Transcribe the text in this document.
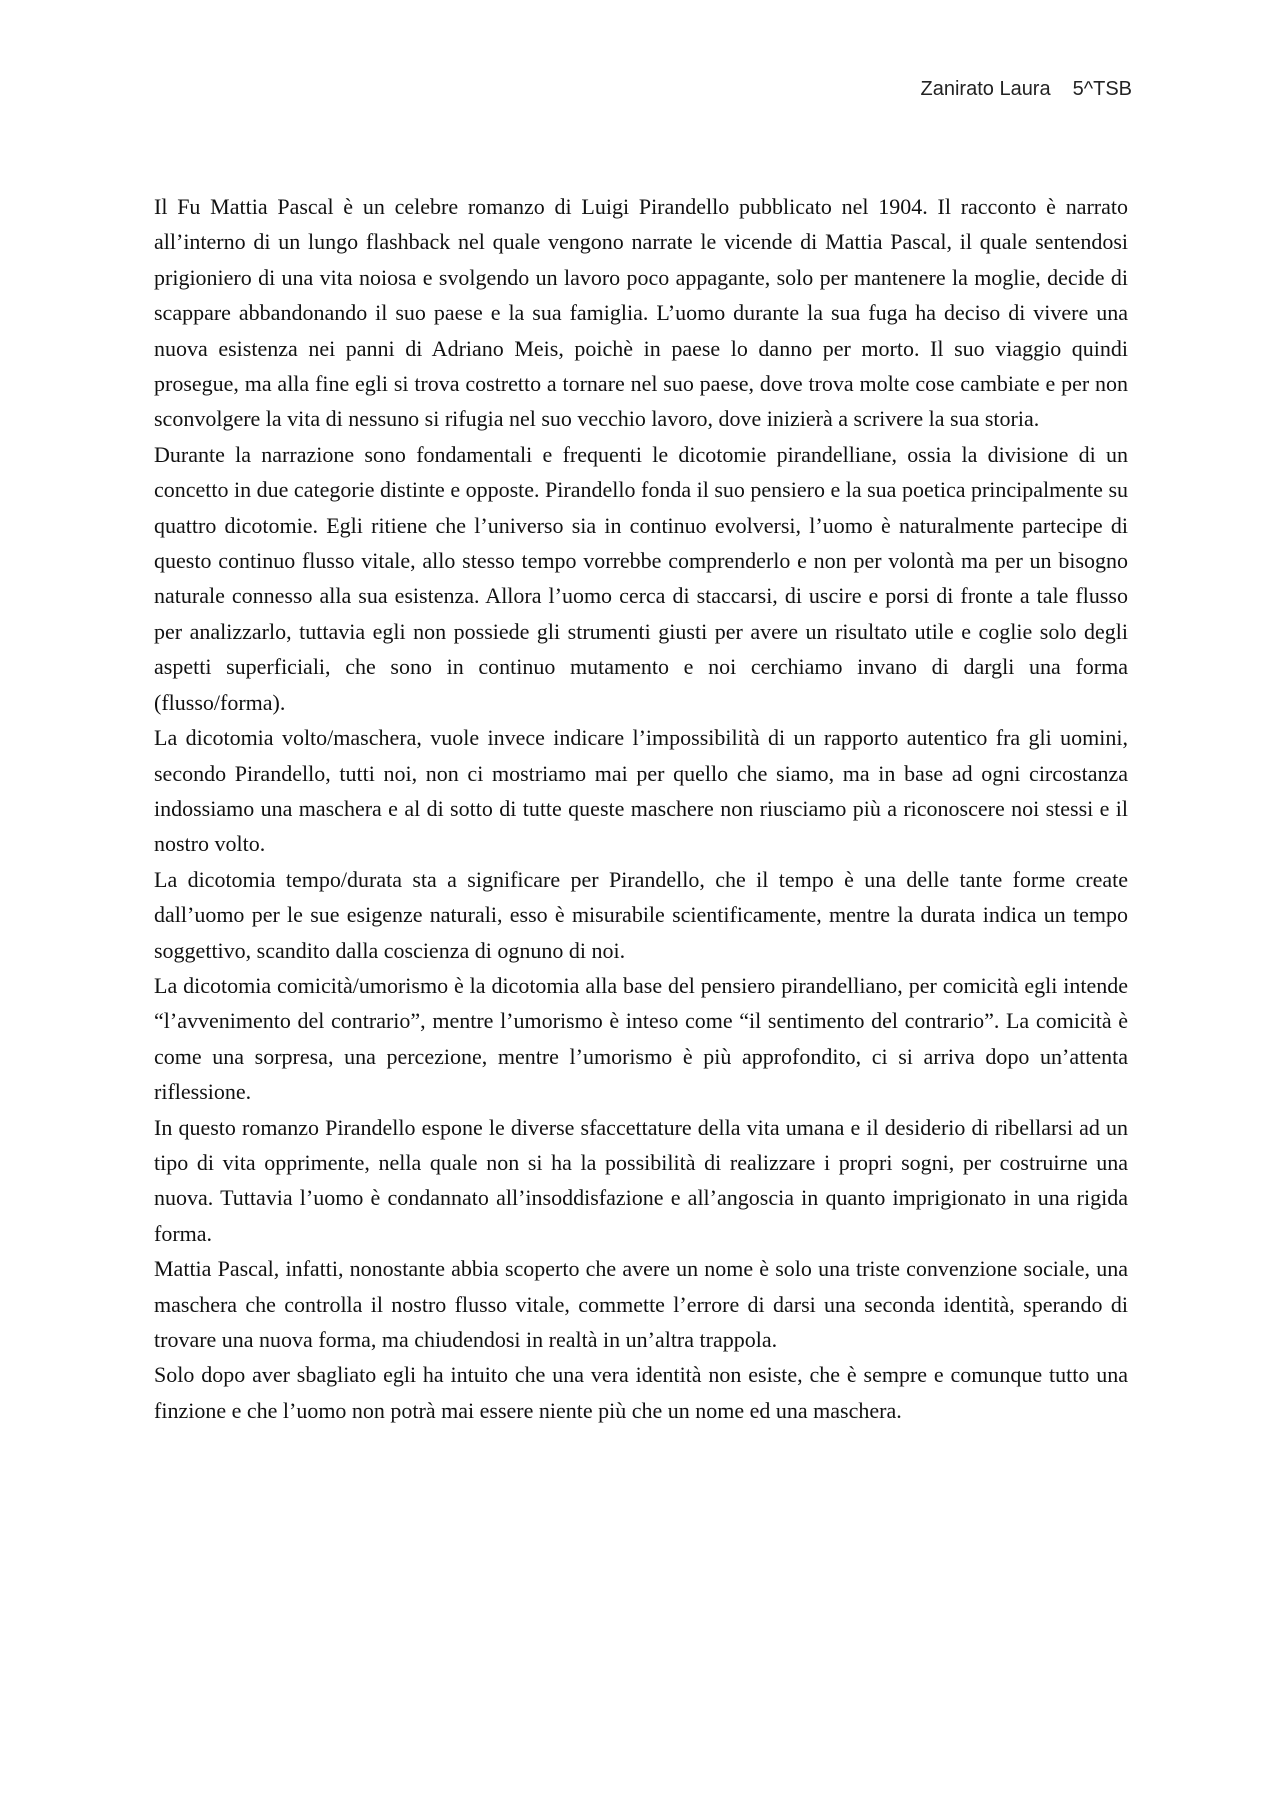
Zanirato Laura 5^TSB

Il Fu Mattia Pascal è un celebre romanzo di Luigi Pirandello pubblicato nel 1904. Il racconto è narrato all’interno di un lungo flashback nel quale vengono narrate le vicende di Mattia Pascal, il quale sentendosi prigioniero di una vita noiosa e svolgendo un lavoro poco appagante, solo per mantenere la moglie, decide di scappare abbandonando il suo paese e la sua famiglia. L’uomo durante la sua fuga ha deciso di vivere una nuova esistenza nei panni di Adriano Meis, poichè in paese lo danno per morto. Il suo viaggio quindi prosegue, ma alla fine egli si trova costretto a tornare nel suo paese, dove trova molte cose cambiate e per non sconvolgere la vita di nessuno si rifugia nel suo vecchio lavoro, dove inizierà a scrivere la sua storia.

Durante la narrazione sono fondamentali e frequenti le dicotomie pirandelliane, ossia la divisione di un concetto in due categorie distinte e opposte. Pirandello fonda il suo pensiero e la sua poetica principalmente su quattro dicotomie. Egli ritiene che l’universo sia in continuo evolversi, l’uomo è naturalmente partecipe di questo continuo flusso vitale, allo stesso tempo vorrebbe comprenderlo e non per volontà ma per un bisogno naturale connesso alla sua esistenza. Allora l’uomo cerca di staccarsi, di uscire e porsi di fronte a tale flusso per analizzarlo, tuttavia egli non possiede gli strumenti giusti per avere un risultato utile e coglie solo degli aspetti superficiali, che sono in continuo mutamento e noi cerchiamo invano di dargli una forma (flusso/forma).

La dicotomia volto/maschera, vuole invece indicare l’impossibilità di un rapporto autentico fra gli uomini, secondo Pirandello, tutti noi, non ci mostriamo mai per quello che siamo, ma in base ad ogni circostanza indossiamo una maschera e al di sotto di tutte queste maschere non riusciamo più a riconoscere noi stessi e il nostro volto.

La dicotomia tempo/durata sta a significare per Pirandello, che il tempo è una delle tante forme create dall’uomo per le sue esigenze naturali, esso è misurabile scientificamente, mentre la durata indica un tempo soggettivo, scandito dalla coscienza di ognuno di noi.

La dicotomia comicità/umorismo è la dicotomia alla base del pensiero pirandelliano, per comicità egli intende “l’avvenimento del contrario”, mentre l’umorismo è inteso come “il sentimento del contrario”. La comicità è come una sorpresa, una percezione, mentre l’umorismo è più approfondito, ci si arriva dopo un’attenta riflessione.

In questo romanzo Pirandello espone le diverse sfaccettature della vita umana e il desiderio di ribellarsi ad un tipo di vita opprimente, nella quale non si ha la possibilità di realizzare i propri sogni, per costruirne una nuova. Tuttavia l’uomo è condannato all’insoddisfazione e all’angoscia in quanto imprigionato in una rigida forma.

Mattia Pascal, infatti, nonostante abbia scoperto che avere un nome è solo una triste convenzione sociale, una maschera che controlla il nostro flusso vitale, commette l’errore di darsi una seconda identità, sperando di trovare una nuova forma, ma chiudendosi in realtà in un’altra trappola.

Solo dopo aver sbagliato egli ha intuito che una vera identità non esiste, che è sempre e comunque tutto una finzione e che l’uomo non potrà mai essere niente più che un nome ed una maschera.
